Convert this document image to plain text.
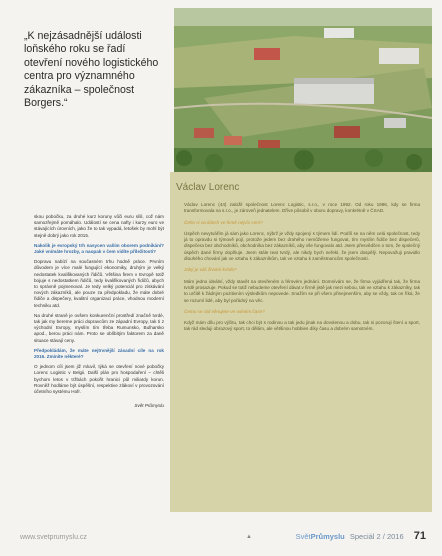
„K nejzásadnější události loňského roku se řadí otevření nového logistického centra pro významného zákazníka – společnost Borgers.“

skou pobočku, za druhé kurz koruny vůči euru sílil, což nám samozřejmě pomáhalo. Událostí se cena nafty i kurzy euro ve stávajících úrovních, jako že to tak vypadá, letošek by mohl být stejně dobrý jako rok 2015.

Nakolik je evropský trh nasycen vaším oborem podnikání? Jaké vnímáte hrozby, a naopak v čem vidíte příležitosti?

Dopravu nabízí na současném trhu hodně práce. Prvním důvodem je více malé fungující ekonomiky, druhým je velký nedostatek kvalifikovaných řidičů. Většina firem v Evropě totiž bojuje s nedostatkem řidičů, tedy kvalifikovaných řidičů, abych to správně pojmenoval. Je tedy velký potenciál pro získávání nových zákazníků, ale pouze za předpokladu, že máte dobré řidiče a dispečery, kvalitní organizaci práce, vhodnou moderní techniku atd.

Na druhé straně je ovšem konkurenční prostředí značně tvrdé, tak jak my bereme práci dopravcům ze západní Evropy, tak ti z východní Evropy, myslím tím třeba Rumunsko, Bulharsko apod., berou práci nám. Proto se oblíbitým faktorem za daně situace stávají ceny.

Předpokládám, že máte nejtrvnější zásadní cíle na rok 2016. Zmíníte některé?

O jednom cíli jsem již mluvil, týká se otevření nové pobočky Lorenc Logistic v Belgii. Další plán pro hospodaření – chtěli bychom letos v tržbách pokořit hranici půl miliardy korun. Rovněž hodláme být úspěšní, respektive zlákoví v provozování účetního systému Hofr.

Svět Průmyslu

Václav Lorenc

Václav Lorenc (44) založil společnost Lorenc Logistic, s.r.o., v roce 1992. Od roku 1996, kdy se firma transformovala na s.r.o., je zároveň jednatelem. Dříve působil v oboru dopravy, konkrétně v ČSAD.

Čeho si na lidech ve firmě nejvíc cení?

Úspěch nevytvářím já sám jako Lorenc, nýbrž je vždy spojený s týmem lidí. Podílí se na něm celá společnost, tedy já to opravdu si týmově pojí, protože jedem bez drahého nemůžeme fungovat, tím myslím řidiče bez dispečerů, dispečera bez obchodníků, obchodníka bez zákazníků, aby vše fungovalo atd. Jsem přesvědčen o tom, že společný úspěch dané firmy doplňuje. Jsem stále teat tvrdý, ale nikdy bych neřekl, že jsem dospělý. Nepovažuji pravidlo dlouhého chování jak ve vztahu k zákazníkům, tak ve vztahu k zaměstnancům společnosti.

Jaký je váš životní krédo?

Mám jedno ideální, vždy stavět na otevřeném a férovém jednání. Domnívám se, že firma vyjádřená tak, že firma tvrdě prosazuje. Pokud se totiž nebudeme otevření dávat v firmě jistě jak mezi sebou, tak ve vztahu k zákazníky, tak to určitě k žádným pozitivním výsledkům nepovede. Snažím se při všem přinejmenším, aby se vždy, tak on říká, že se rozumí lidé, aby byl pořádný na věc.

Čemu se rád věnujete ve volném čase?

Když mám dílu pro výčitu, tak chci být s rodinou a tak jedu jinak na dovolenou a dobu, tak si pozoruji čtení a sport, tak rád sleduji obrazový sport, to dělám, ale většinou hobbies díky času a dobrém samotném.

www.svetprumyslu.cz	▲	SvětPrůmyslu Speciál 2 / 2016 71
